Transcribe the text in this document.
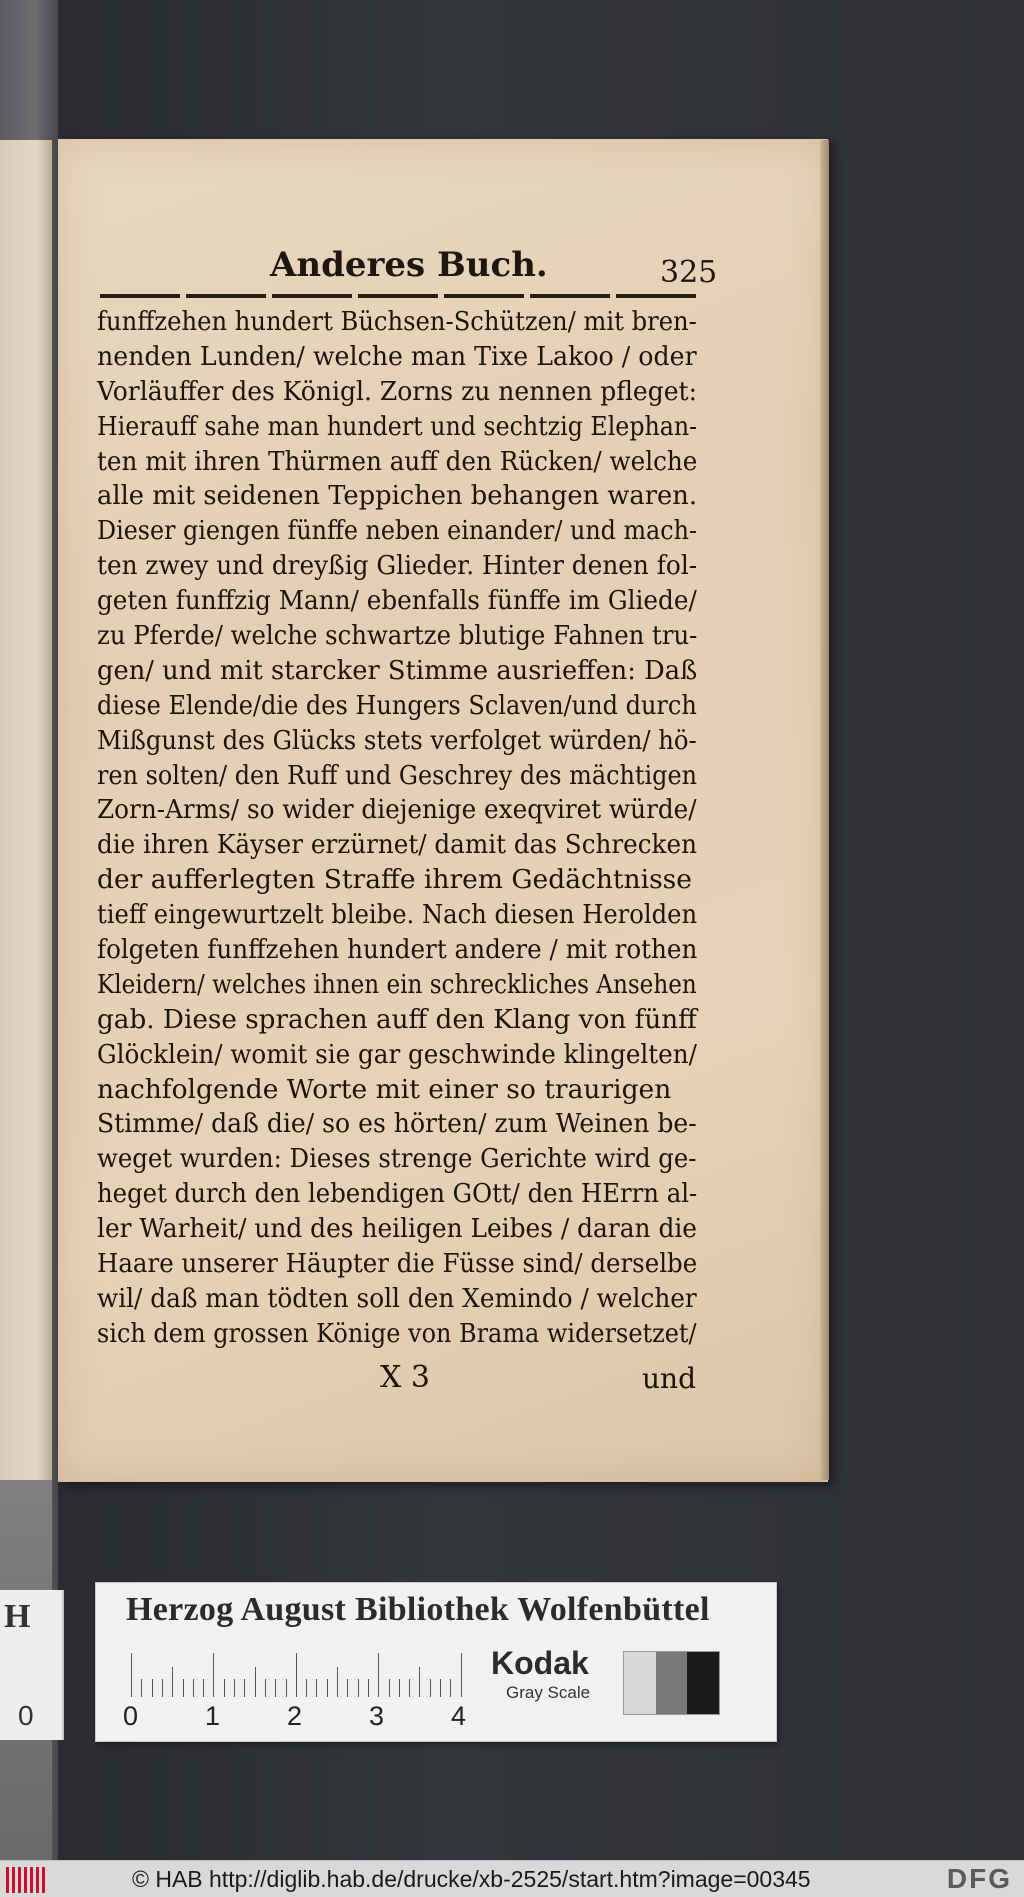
H
0
Anderes Buch.	325
funffzehen hundert Büchsen-Schützen/ mit bren-
nenden Lunden/ welche man Tixe Lakoo / oder
Vorläuffer des Königl. Zorns zu nennen pfleget:
Hierauff sahe man hundert und sechtzig Elephan-
ten mit ihren Thürmen auff den Rücken/ welche
alle mit seidenen Teppichen behangen waren.
Dieser giengen fünffe neben einander/ und mach-
ten zwey und dreyßig Glieder. Hinter denen fol-
geten funffzig Mann/ ebenfalls fünffe im Gliede/
zu Pferde/ welche schwartze blutige Fahnen tru-
gen/ und mit starcker Stimme ausrieffen: Daß
diese Elende/die des Hungers Sclaven/und durch
Mißgunst des Glücks stets verfolget würden/ hö-
ren solten/ den Ruff und Geschrey des mächtigen
Zorn-Arms/ so wider diejenige exeqviret würde/
die ihren Käyser erzürnet/ damit das Schrecken
der aufferlegten Straffe ihrem Gedächtnisse
tieff eingewurtzelt bleibe. Nach diesen Herolden
folgeten funffzehen hundert andere / mit rothen
Kleidern/ welches ihnen ein schreckliches Ansehen
gab. Diese sprachen auff den Klang von fünff
Glöcklein/ womit sie gar geschwinde klingelten/
nachfolgende Worte mit einer so traurigen
Stimme/ daß die/ so es hörten/ zum Weinen be-
weget wurden: Dieses strenge Gerichte wird ge-
heget durch den lebendigen GOtt/ den HErrn al-
ler Warheit/ und des heiligen Leibes / daran die
Haare unserer Häupter die Füsse sind/ derselbe
wil/ daß man tödten soll den Xemindo / welcher
sich dem grossen Könige von Brama widersetzet/
X 3	und
Herzog August Bibliothek Wolfenbüttel
0 1 2 3 4
Kodak
Gray Scale
© HAB http://diglib.hab.de/drucke/xb-2525/start.htm?image=00345	DFG
